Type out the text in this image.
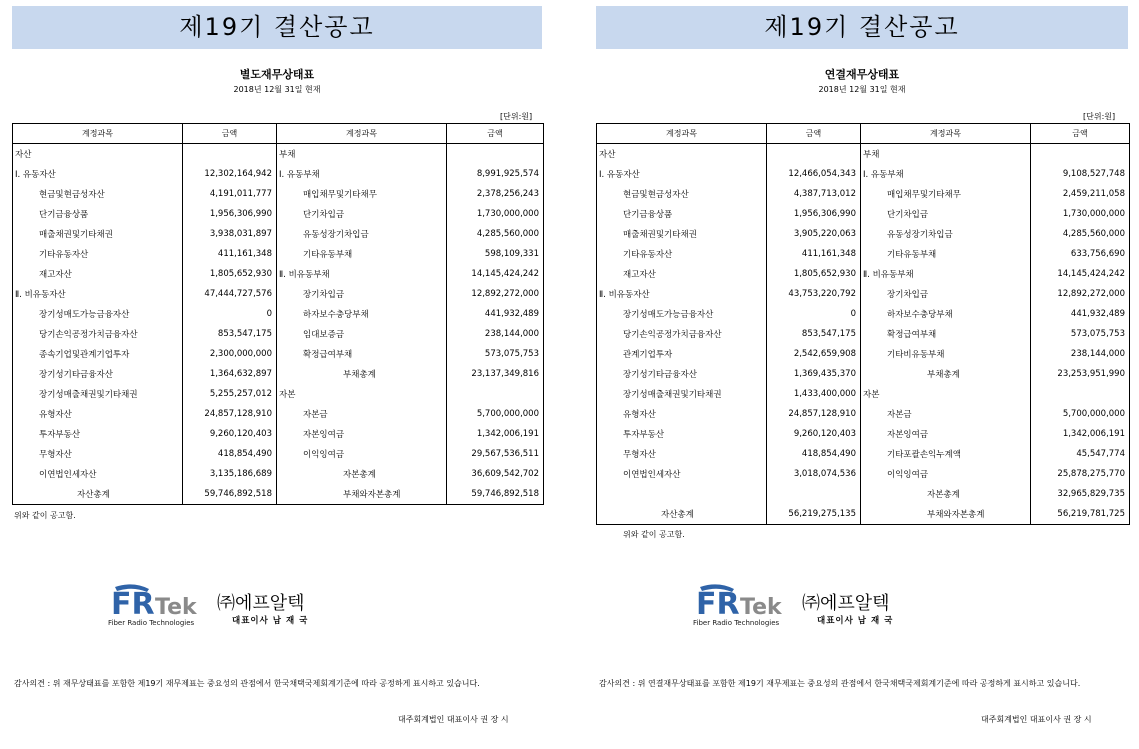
제19기 결산공고
별도재무상태표
2018년 12월 31일 현재
[단위:원]
계정과목	금액	계정과목	금액
자산		부채	
Ⅰ. 유동자산	12,302,164,942	Ⅰ. 유동부채	8,991,925,574
현금및현금성자산	4,191,011,777	매입채무및기타채무	2,378,256,243
단기금융상품	1,956,306,990	단기차입금	1,730,000,000
매출채권및기타채권	3,938,031,897	유동성장기차입금	4,285,560,000
기타유동자산	411,161,348	기타유동부채	598,109,331
재고자산	1,805,652,930	Ⅱ. 비유동부채	14,145,424,242
Ⅱ. 비유동자산	47,444,727,576	장기차입금	12,892,272,000
장기성매도가능금융자산	0	하자보수충당부채	441,932,489
당기손익공정가치금융자산	853,547,175	임대보증금	238,144,000
종속기업및관계기업투자	2,300,000,000	확정급여부채	573,075,753
장기성기타금융자산	1,364,632,897	부채총계	23,137,349,816
장기성매출채권및기타채권	5,255,257,012	자본	
유형자산	24,857,128,910	자본금	5,700,000,000
투자부동산	9,260,120,403	자본잉여금	1,342,006,191
무형자산	418,854,490	이익잉여금	29,567,536,511
이연법인세자산	3,135,186,689	자본총계	36,609,542,702
자산총계	59,746,892,518	부채와자본총계	59,746,892,518
위와 같이 공고함.
FR Tek
Fiber Radio Technologies
㈜에프알텍
대표이사 남 재 국
감사의견 : 위 재무상태표를 포함한 제19기 재무제표는 중요성의 관점에서 한국채택국제회계기준에 따라 공정하게 표시하고 있습니다.
대주회계법인 대표이사 권 장 시
제19기 결산공고
연결재무상태표
2018년 12월 31일 현재
[단위:원]
계정과목	금액	계정과목	금액
자산		부채	
Ⅰ. 유동자산	12,466,054,343	Ⅰ. 유동부채	9,108,527,748
현금및현금성자산	4,387,713,012	매입채무및기타채무	2,459,211,058
단기금융상품	1,956,306,990	단기차입금	1,730,000,000
매출채권및기타채권	3,905,220,063	유동성장기차입금	4,285,560,000
기타유동자산	411,161,348	기타유동부채	633,756,690
재고자산	1,805,652,930	Ⅱ. 비유동부채	14,145,424,242
Ⅱ. 비유동자산	43,753,220,792	장기차입금	12,892,272,000
장기성매도가능금융자산	0	하자보수충당부채	441,932,489
당기손익공정가치금융자산	853,547,175	확정급여부채	573,075,753
관계기업투자	2,542,659,908	기타비유동부채	238,144,000
장기성기타금융자산	1,369,435,370	부채총계	23,253,951,990
장기성매출채권및기타채권	1,433,400,000	자본	
유형자산	24,857,128,910	자본금	5,700,000,000
투자부동산	9,260,120,403	자본잉여금	1,342,006,191
무형자산	418,854,490	기타포괄손익누계액	45,547,774
이연법인세자산	3,018,074,536	이익잉여금	25,878,275,770
		자본총계	32,965,829,735
자산총계	56,219,275,135	부채와자본총계	56,219,781,725
위와 같이 공고함.
FR Tek
Fiber Radio Technologies
㈜에프알텍
대표이사 남 재 국
감사의견 : 위 연결재무상태표를 포함한 제19기 재무제표는 중요성의 관점에서 한국채택국제회계기준에 따라 공정하게 표시하고 있습니다.
대주회계법인 대표이사 권 장 시
